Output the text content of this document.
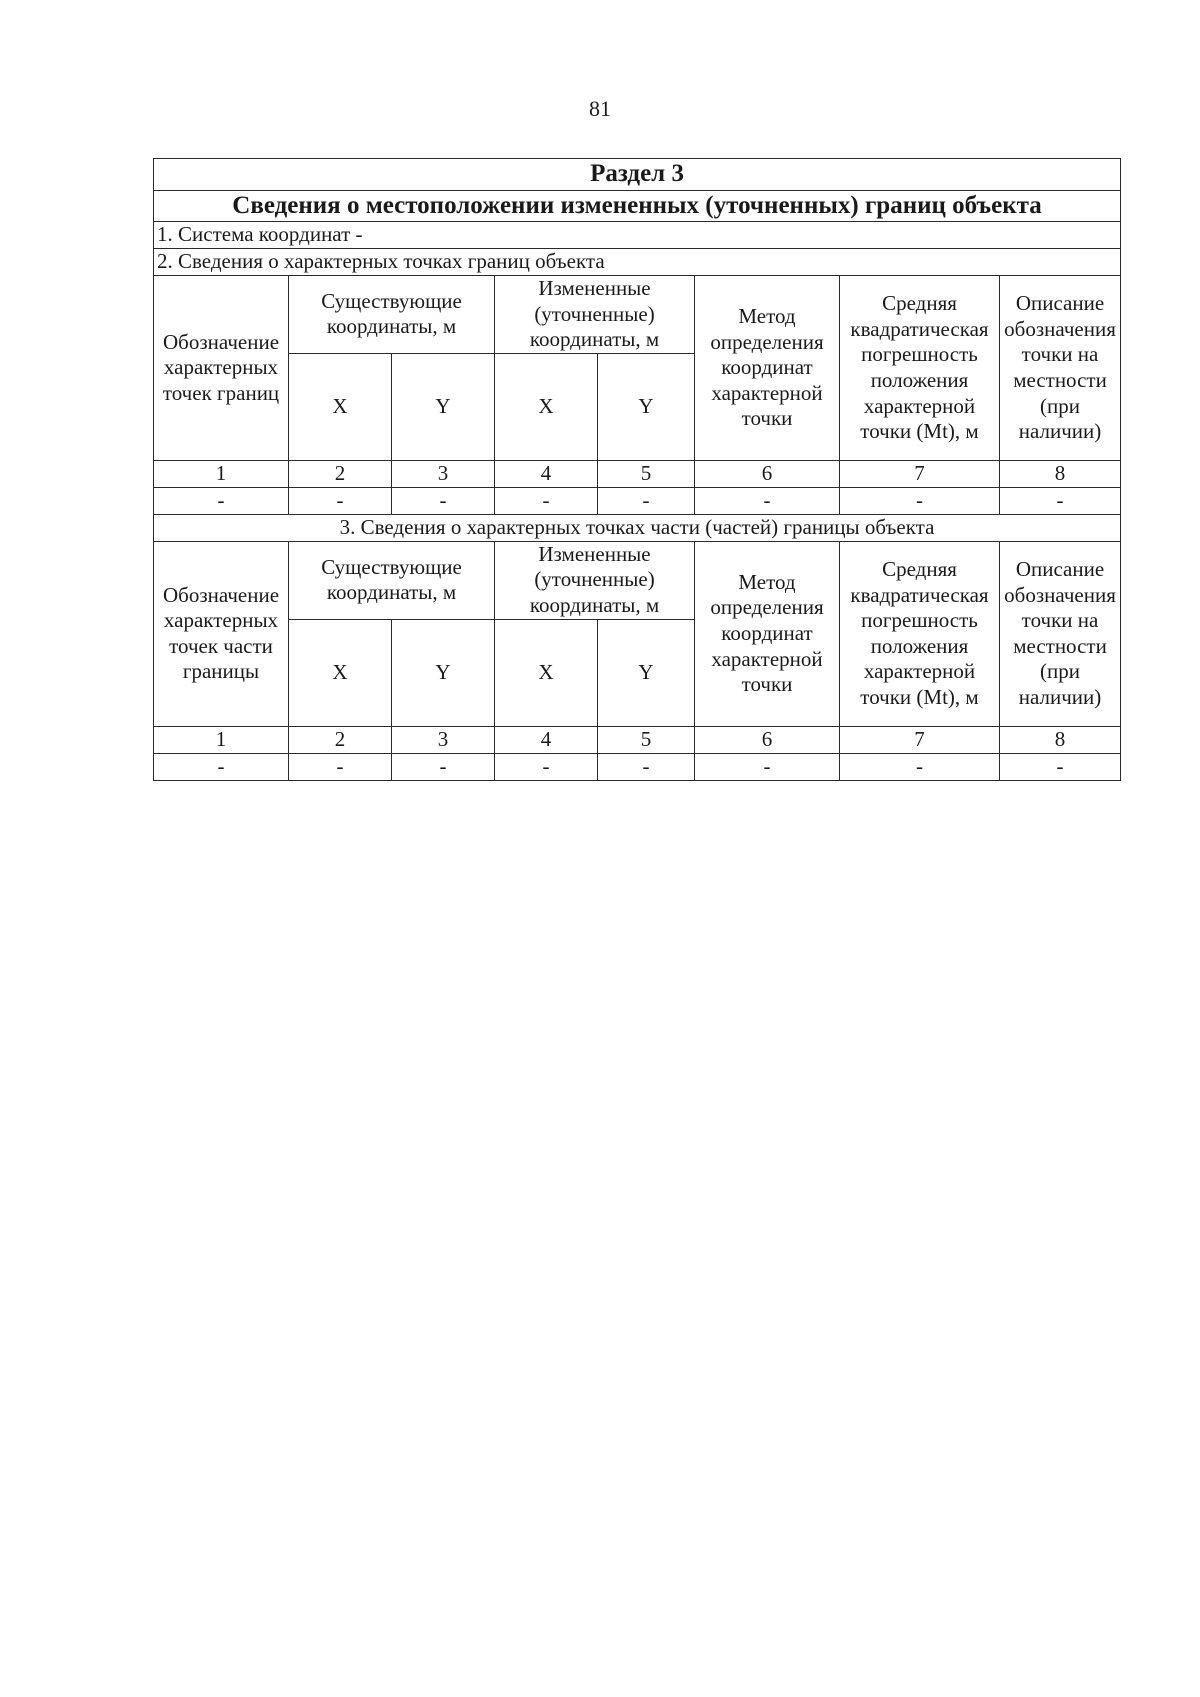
81
Раздел 3							
Сведения о местоположении измененных (уточненных) границ объекта							
1. Система координат -							
2. Сведения о характерных точках границ объекта							
Обозначение характерных точек границ	Существующие координаты, м		Измененные (уточненные) координаты, м		Метод определения координат характерной точки	Средняя квадратическая погрешность положения характерной точки (Mt), м	Описание обозначения точки на местности (при наличии)
	X	Y	X	Y			
1	2	3	4	5	6	7	8
-	-	-	-	-	-	-	-
3. Сведения о характерных точках части (частей) границы объекта							
Обозначение характерных точек части границы	Существующие координаты, м		Измененные (уточненные) координаты, м		Метод определения координат характерной точки	Средняя квадратическая погрешность положения характерной точки (Mt), м	Описание обозначения точки на местности (при наличии)
	X	Y	X	Y			
1	2	3	4	5	6	7	8
-	-	-	-	-	-	-	-
